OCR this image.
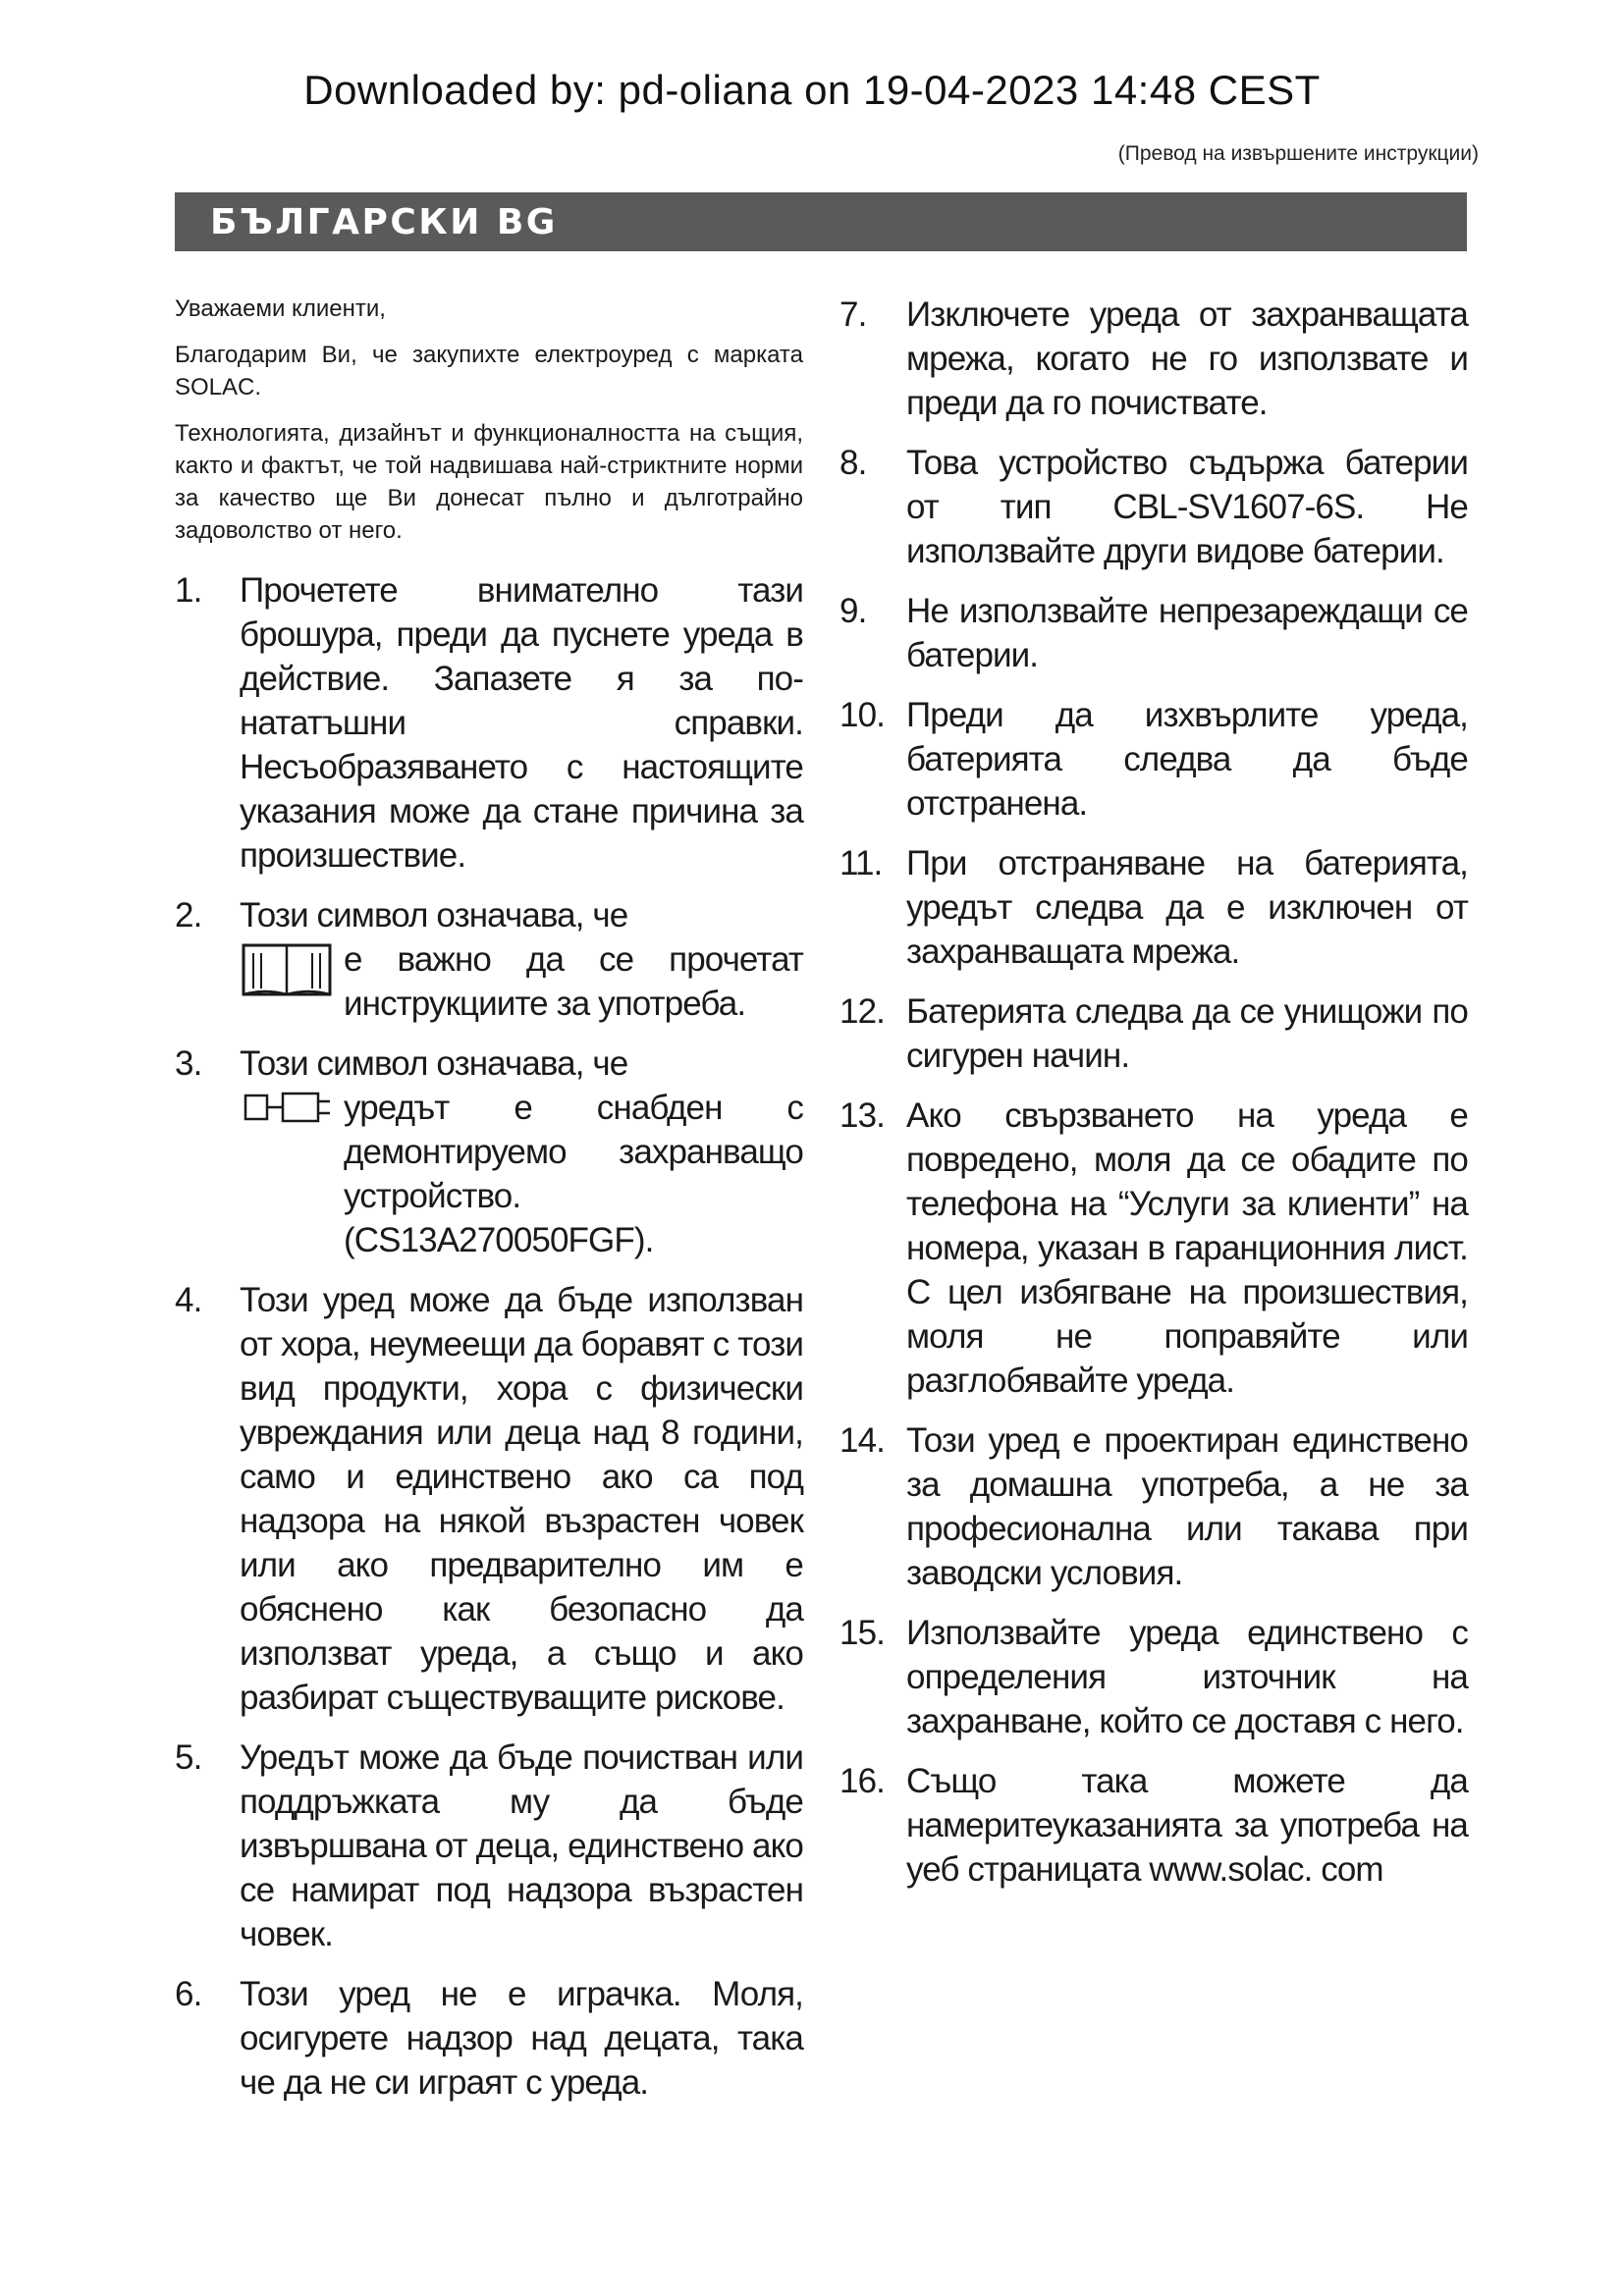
Downloaded by: pd-oliana on 19-04-2023 14:48 CEST
(Превод на извършените инструкции)
БЪЛГАРСКИ BG

Уважаеми клиенти,

Благодарим Ви, че закупихте електроуред с марката SOLAC.

Технологията, дизайнът и функционалността на същия, както и фактът, че той надвишава най-стриктните норми за качество ще Ви донесат пълно и дълготрайно задоволство от него.

1. Прочетете внимателно тази брошура, преди да пуснете уреда в действие. Запазете я за по-нататъшни справки. Несъобразяването с настоящите указания може да стане причина за произшествие.
2. Този символ означава, че
е важно да се прочетат инструкциите за употреба.
3. Този символ означава, че
уредът е снабден с демонтируемо захранващо устройство. (CS13A270050FGF).
4. Този уред може да бъде използван от хора, неумеещи да боравят с този вид продукти, хора с физически увреждания или деца над 8 години, само и единствено ако са под надзора на някой възрастен човек или ако предварително им е обяснено как безопасно да използват уреда, а също и ако разбират съществуващите рискове.
5. Уредът може да бъде почистван или поддръжката му да бъде извършвана от деца, единствено ако се намират под надзора възрастен човек.
6. Този уред не е играчка. Моля, осигурете надзор над децата, така че да не си играят с уреда.
7. Изключете уреда от захранващата мрежа, когато не го използвате и преди да го почиствате.
8. Това устройство съдържа батерии от тип CBL-SV1607-6S. Не използвайте други видове батерии.
9. Не използвайте непрезареждащи се батерии.
10. Преди да изхвърлите уреда, батерията следва да бъде отстранена.
11. При отстраняване на батерията, уредът следва да е изключен от захранващата мрежа.
12. Батерията следва да се унищожи по сигурен начин.
13. Ако свързването на уреда е повредено, моля да се обадите по телефона на “Услуги за клиенти” на номера, указан в гаранционния лист. С цел избягване на произшествия, моля не поправяйте или разглобявайте уреда.
14. Този уред е проектиран единствено за домашна употреба, а не за професионална или такава при заводски условия.
15. Използвайте уреда единствено с определения източник на захранване, който се доставя с него.
16. Също така можете да намеритеуказанията за употреба на уеб страницата www.solac. com
